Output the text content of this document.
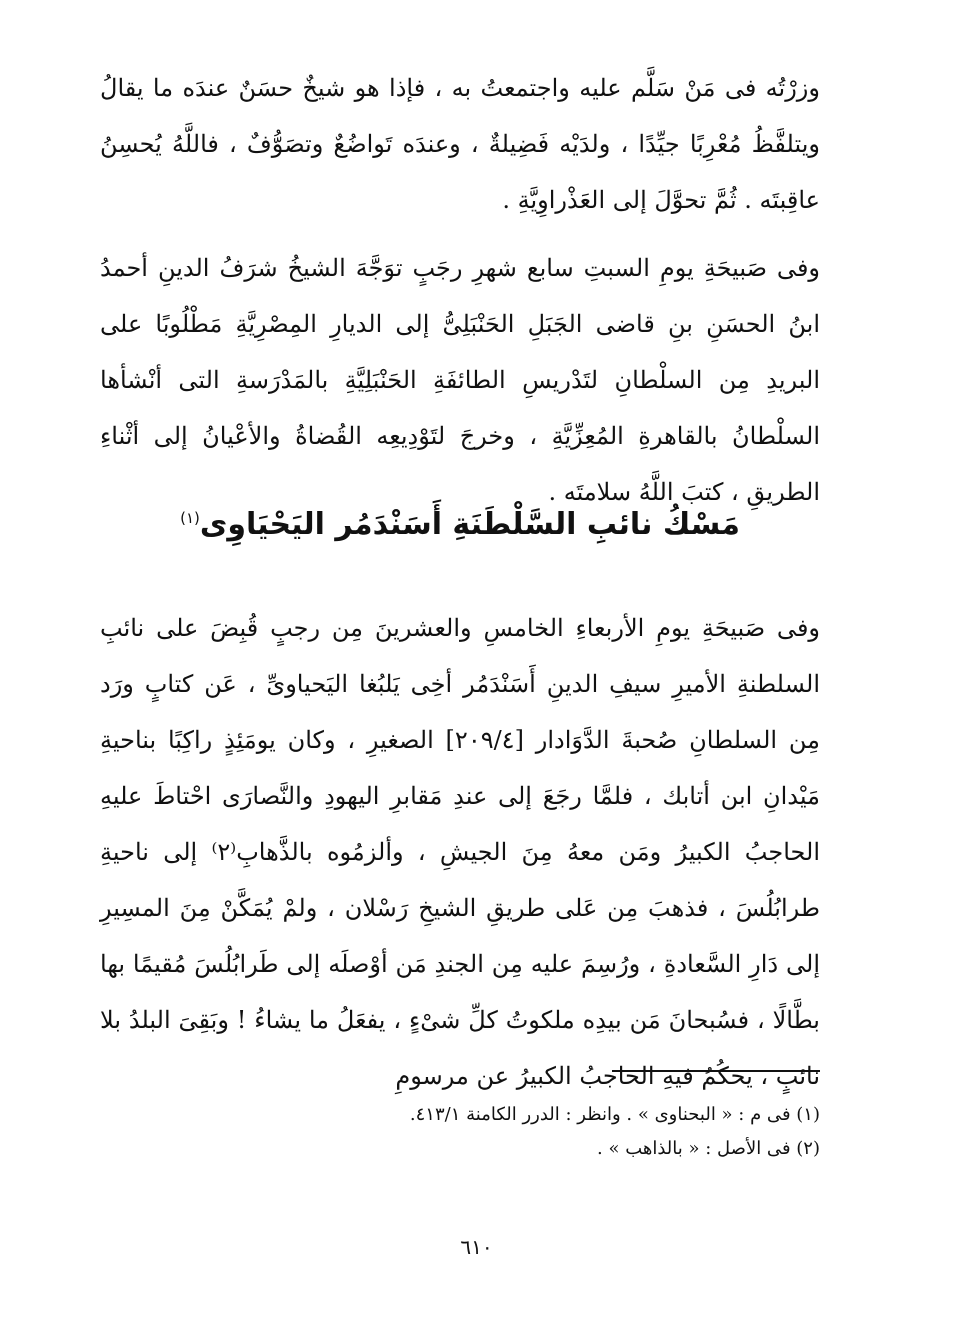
وزرْتُه فى مَنْ سَلَّم عليه واجتمعتُ به ، فإذا هو شيخٌ حسَنٌ عندَه ما يقالُ ويتلفَّظُ مُعْرِبًا جيِّدًا ، ولدَيْه فَضِيلةٌ ، وعندَه تَواضُعٌ وتصَوُّفٌ ، فاللَّهُ يُحسِنُ عاقِبتَه . ثُمَّ تحوَّلَ إلى العَذْراوِيَّةِ .

وفى صَبيحَةِ يومِ السبتِ سابع شهرِ رجَبٍ توَجَّهَ الشيخُ شرَفُ الدينِ أحمدُ ابنُ الحسَنِ بنِ قاضى الجَبَلِ الحَنْبَلِىُّ إلى الديارِ المِصْرِيَّةِ مَطْلُوبًا على البريدِ مِن السلْطانِ لتَدْريسِ الطائفَةِ الحَنْبَلِيَّةِ بالمَدْرَسةِ التى أنْشأها السلْطانُ بالقاهرةِ المُعِزِّيَّةِ ، وخرجَ لتَوْدِيعِه القُضاةُ والأعْيانُ إلى أثْناءِ الطريقِ ، كتبَ اللَّهُ سلامتَه .

مَسْكُ نائبِ السَّلْطَنَةِ أَسَنْدَمُر اليَحْيَاوِى$^{(١)}$

وفى صَبيحَةِ يومِ الأربعاءِ الخامسِ والعشرينَ مِن رجبٍ قُبِضَ على نائبِ السلطنةِ الأميرِ سيفِ الدينِ أَسَنْدَمُر أخِى يَلبُغا اليَحياوىِّ ، عَن كتابٍ ورَد مِن السلطانِ صُحبةَ الدَّوَادار [٢٠٩/٤] الصغيرِ ، وكان يومَئِذٍ راكِبًا بناحيةِ مَيْدانِ ابن أتابك ، فلمَّا رجَعَ إلى عندِ مَقابرِ اليهودِ والنَّصارَى احْتاطَ عليهِ الحاجبُ الكبيرُ ومَن معهُ مِنَ الجيشِ ، وألزمُوه بالذَّهابِ⁽٢⁾ إلى ناحيةِ طرابُلُسَ ، فذهبَ مِن عَلى طريقِ الشيخِ رَسْلان ، ولمْ يُمَكَّنْ مِنَ المسِيرِ إلى دَارِ السَّعادةِ ، ورُسِمَ عليه مِن الجندِ مَن أوْصلَه إلى طَرابُلُسَ مُقيمًا بها بطَّالًا ، فسُبحانَ مَن بيدِه ملكوتُ كلِّ شىْءٍ ، يفعَلُ ما يشاءُ ! وبَقِىَ البلدُ بلا نائبٍ ، يحكُمُ فيهِ الحاجبُ الكبيرُ عن مرسومِ

(١) فى م : « البحناوى » . وانظر : الدرر الكامنة ٤١٣/١.
(٢) فى الأصل : « بالذاهب » .
٦١٠
